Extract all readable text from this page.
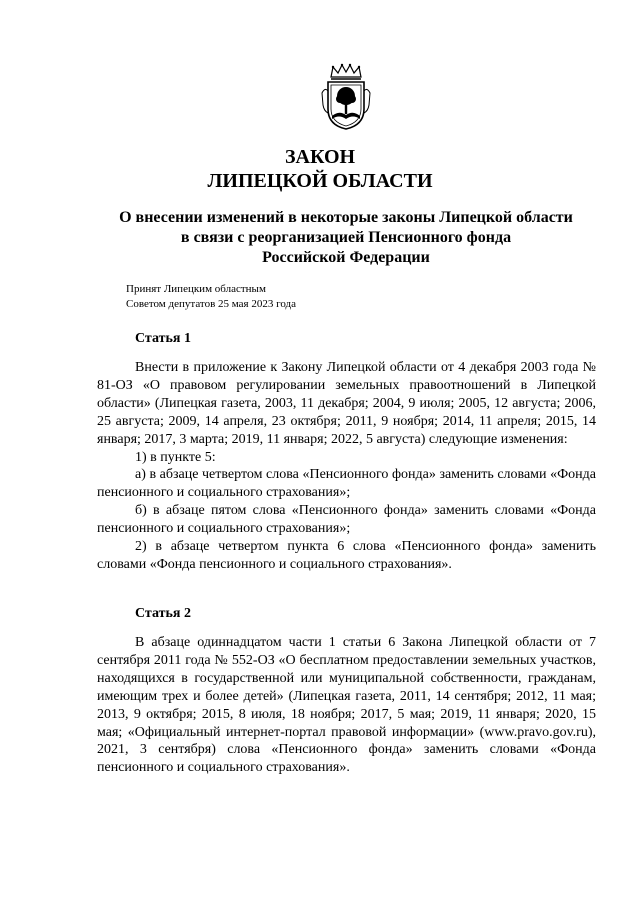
ЗАКОН
ЛИПЕЦКОЙ ОБЛАСТИ
О внесении изменений в некоторые законы Липецкой области
в связи с реорганизацией Пенсионного фонда
Российской Федерации
Принят Липецким областным
Советом депутатов 25 мая 2023 года
Статья 1

Внести в приложение к Закону Липецкой области от 4 декабря 2003 года № 81-ОЗ «О правовом регулировании земельных правоотношений в Липецкой области» (Липецкая газета, 2003, 11 декабря; 2004, 9 июля; 2005, 12 августа; 2006, 25 августа; 2009, 14 апреля, 23 октября; 2011, 9 ноября; 2014, 11 апреля; 2015, 14 января; 2017, 3 марта; 2019, 11 января; 2022, 5 августа) следующие изменения:

1) в пункте 5:

а) в абзаце четвертом слова «Пенсионного фонда» заменить словами «Фонда пенсионного и социального страхования»;

б) в абзаце пятом слова «Пенсионного фонда» заменить словами «Фонда пенсионного и социального страхования»;

2) в абзаце четвертом пункта 6 слова «Пенсионного фонда» заменить словами «Фонда пенсионного и социального страхования».

Статья 2

В абзаце одиннадцатом части 1 статьи 6 Закона Липецкой области от 7 сентября 2011 года № 552-ОЗ «О бесплатном предоставлении земельных участков, находящихся в государственной или муниципальной собственности, гражданам, имеющим трех и более детей» (Липецкая газета, 2011, 14 сентября; 2012, 11 мая; 2013, 9 октября; 2015, 8 июля, 18 ноября; 2017, 5 мая; 2019, 11 января; 2020, 15 мая; «Официальный интернет-портал правовой информации» (www.pravo.gov.ru), 2021, 3 сентября) слова «Пенсионного фонда» заменить словами «Фонда пенсионного и социального страхования».
